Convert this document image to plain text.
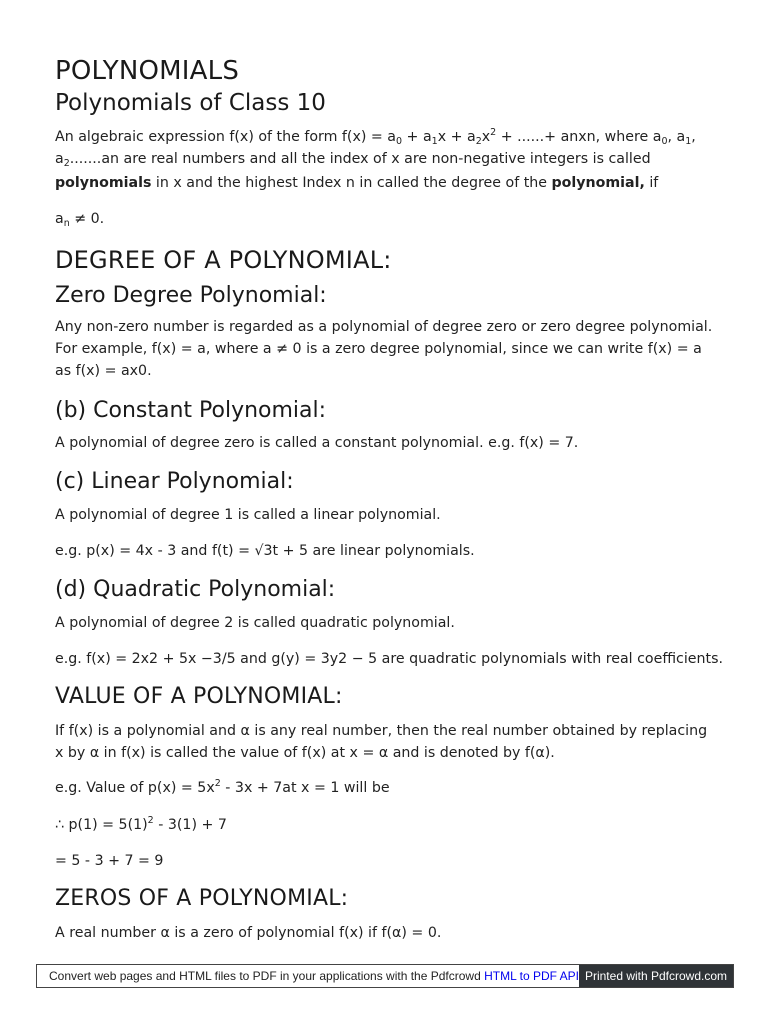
POLYNOMIALS
Polynomials of Class 10

An algebraic expression f(x) of the form $f(x) = a_0 + a_1x + a_2x^2$ + ......+ anxn, where $a_0$, $a_1$,

$a_2.......an$ are real numbers and all the index of x are non-negative integers is called

polynomials in x and the highest Index n in called the degree of the polynomial, if

$a_n \ne 0$.

DEGREE OF A POLYNOMIAL:
Zero Degree Polynomial:

Any non-zero number is regarded as a polynomial of degree zero or zero degree polynomial. For example, f(x) = a, where a ≠ 0 is a zero degree polynomial, since we can write f(x) = a as f(x) = ax0.

(b) Constant Polynomial:

A polynomial of degree zero is called a constant polynomial. e.g. f(x) = 7.

(c) Linear Polynomial:

A polynomial of degree 1 is called a linear polynomial.

e.g. p(x) = 4x - 3 and f(t) = √3t + 5 are linear polynomials.

(d) Quadratic Polynomial:

A polynomial of degree 2 is called quadratic polynomial.

e.g. f(x) = 2x2 + 5x −3/5 and g(y) = 3y2 − 5 are quadratic polynomials with real coefficients.

VALUE OF A POLYNOMIAL:

If f(x) is a polynomial and α is any real number, then the real number obtained by replacing x by α in f(x) is called the value of f(x) at x = α and is denoted by f(α).

e.g. Value of $p(x) = 5x^2 - 3x + 7at$ x = 1 will be

∴ $p(1) = 5(1)^2 - 3(1) + 7$

= 5 - 3 + 7 = 9

ZEROS OF A POLYNOMIAL:

A real number α is a zero of polynomial f(x) if f(α) = 0.

Convert web pages and HTML files to PDF in your applications with the Pdfcrowd HTML to PDF API Printed with Pdfcrowd.com
